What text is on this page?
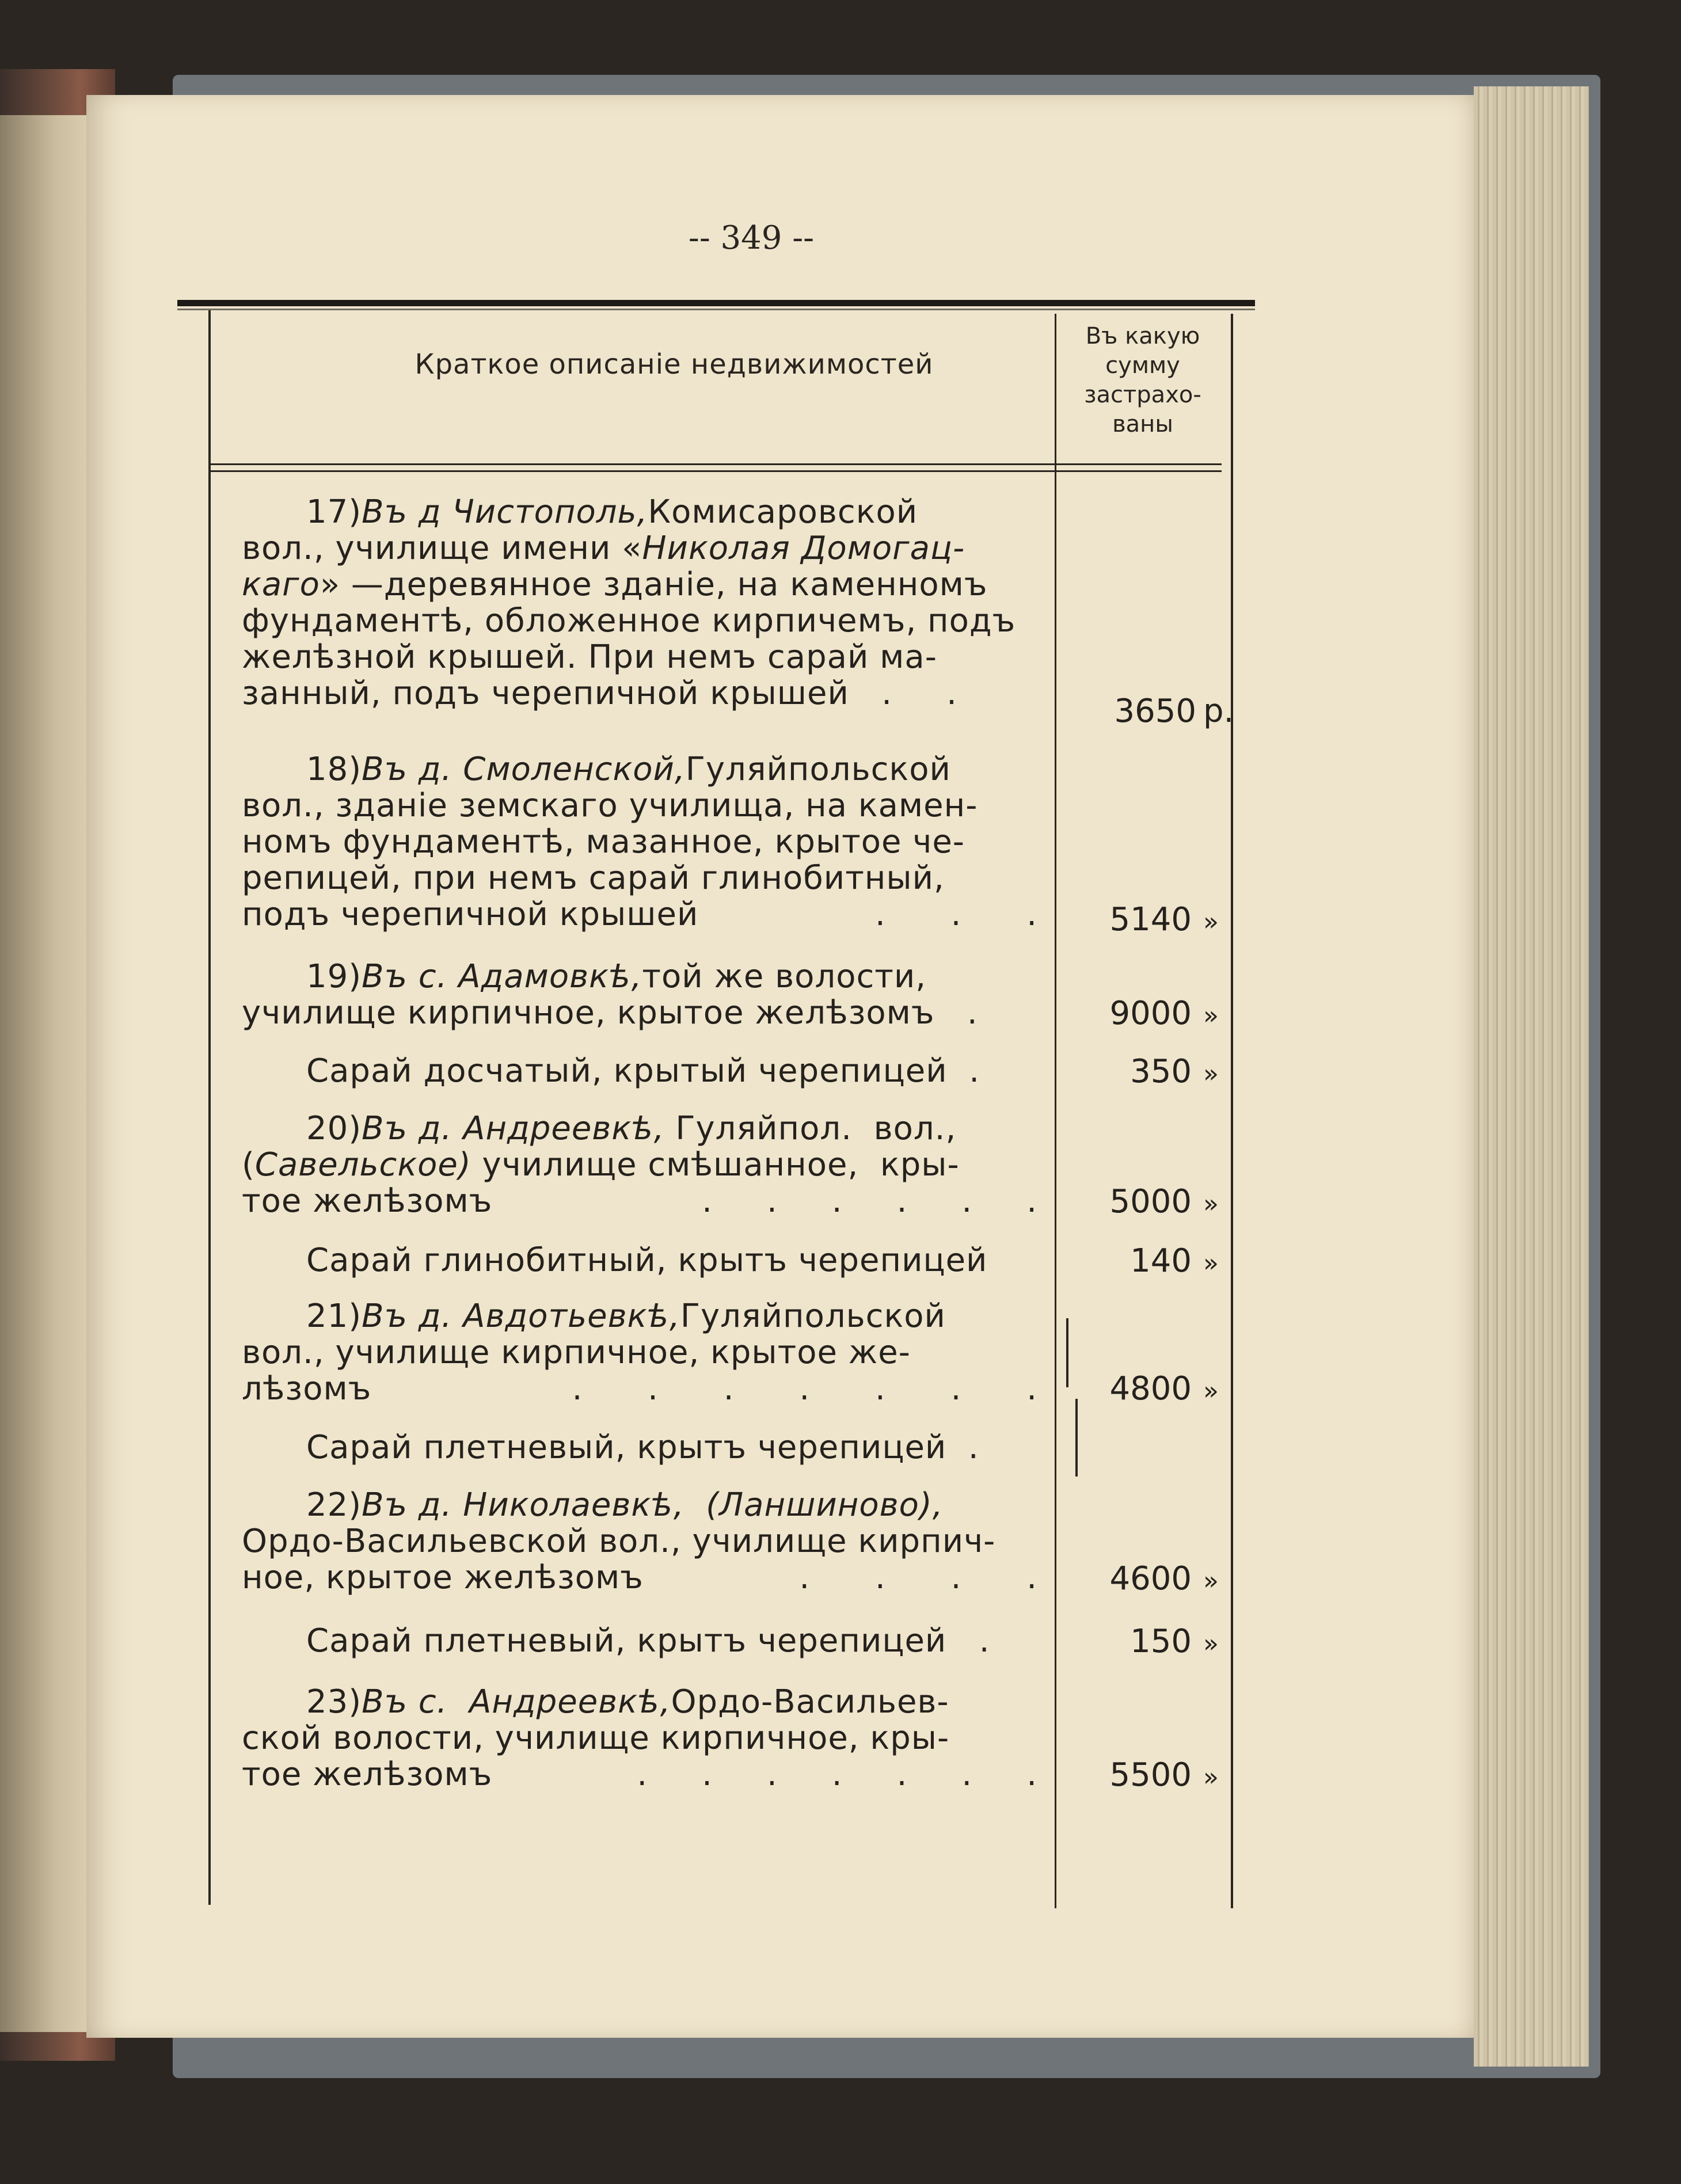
-- 349 --
Краткое описанiе недвижимостей
Въ какую
сумму
застрахо-
ваны
17) Въ д Чистополь, Комисаровской
вол., училище имени « Николая Домогац-
каго » —деревянное зданiе, на каменномъ
фундаментѣ, обложенное кирпичемъ, подъ
желѣзной крышей. При немъ сарай ма-
занный, подъ черепичной крышей   .     .	3650 р.
18) Въ д. Смоленской, Гуляйпольской
вол., зданiе земскаго училища, на камен-
номъ фундаментѣ, мазанное, крытое че-
репицей, при немъ сарай глинобитный,
подъ черепичной крышей	.      .      .	5140 »
19) Въ с. Адамовкѣ, той же волости,
училище кирпичное, крытое желѣзомъ   .	9000 »
Сарай досчатый, крытый черепицей  .	350 »
20) Въ д. Андреевкѣ, Гуляйпол.  вол.,
( Савельское) училище смѣшанное,  кры-
тое желѣзомъ	.     .     .     .     .     .	5000 »
Сарай глинобитный, крытъ черепицей	140 »
21) Въ д. Авдотьевкѣ, Гуляйпольской
вол., училище кирпичное, крытое же-
лѣзомъ	.      .      .      .      .      .      .	4800 »
Сарай плетневый, крытъ черепицей  .
22) Въ д. Николаевкѣ,  (Ланшиново),
Ордо-Васильевской вол., училище кирпич-
ное, крытое желѣзомъ	.      .      .      .	4600 »
Сарай плетневый, крытъ черепицей   .	150 »
23) Въ с.  Андреевкѣ, Ордо-Васильев-
ской волости, училище кирпичное, кры-
тое желѣзомъ	.     .     .     .     .     .     .	5500 »
